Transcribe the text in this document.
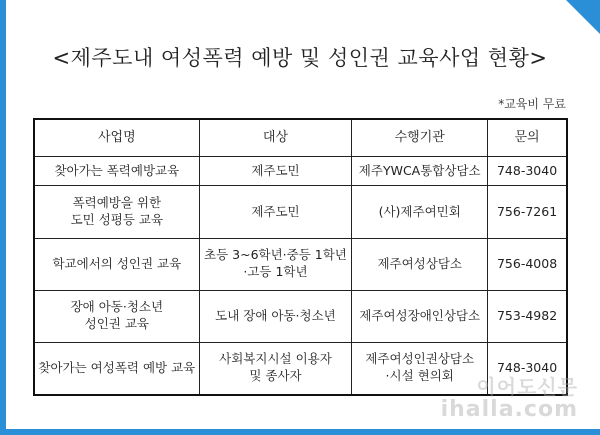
<제주도내 여성폭력 예방 및 성인권 교육사업 현황>
*교육비 무료
사업명	대상	수행기관	문의
찾아가는 폭력예방교육	제주도민	제주YWCA통합상담소	748-3040
폭력예방을 위한
도민 성평등 교육	제주도민	(사)제주여민회	756-7261
학교에서의 성인권 교육	초등 3~6학년·중등 1학년
·고등 1학년	제주여성상담소	756-4008
장애 아동·청소년
성인권 교육	도내 장애 아동·청소년	제주여성장애인상담소	753-4982
찾아가는 여성폭력 예방 교육	사회복지시설 이용자
및 종사자	제주여성인권상담소
·시설 현의회	748-3040
이어도신문
ihalla.com
